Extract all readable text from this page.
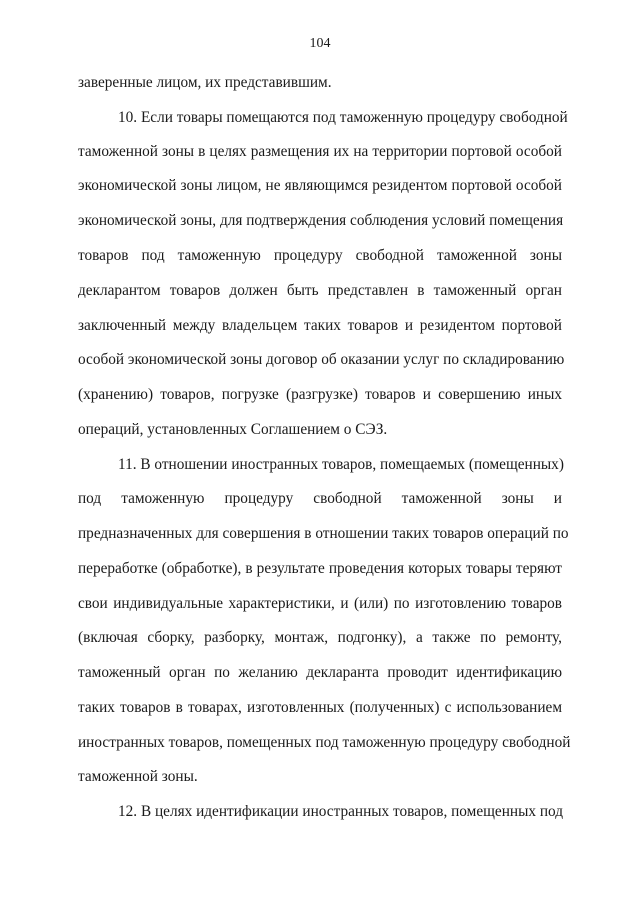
104
заверенные лицом, их представившим.
10. Если товары помещаются под таможенную процедуру свободной
таможенной зоны в целях размещения их на территории портовой особой
экономической зоны лицом, не являющимся резидентом портовой особой
экономической зоны, для подтверждения соблюдения условий помещения
товаров под таможенную процедуру свободной таможенной зоны
декларантом товаров должен быть представлен в таможенный орган
заключенный между владельцем таких товаров и резидентом портовой
особой экономической зоны договор об оказании услуг по складированию
(хранению) товаров, погрузке (разгрузке) товаров и совершению иных
операций, установленных Соглашением о СЭЗ.
11. В отношении иностранных товаров, помещаемых (помещенных)
под таможенную процедуру свободной таможенной зоны и
предназначенных для совершения в отношении таких товаров операций по
переработке (обработке), в результате проведения которых товары теряют
свои индивидуальные характеристики, и (или) по изготовлению товаров
(включая сборку, разборку, монтаж, подгонку), а также по ремонту,
таможенный орган по желанию декларанта проводит идентификацию
таких товаров в товарах, изготовленных (полученных) с использованием
иностранных товаров, помещенных под таможенную процедуру свободной
таможенной зоны.
12. В целях идентификации иностранных товаров, помещенных под
